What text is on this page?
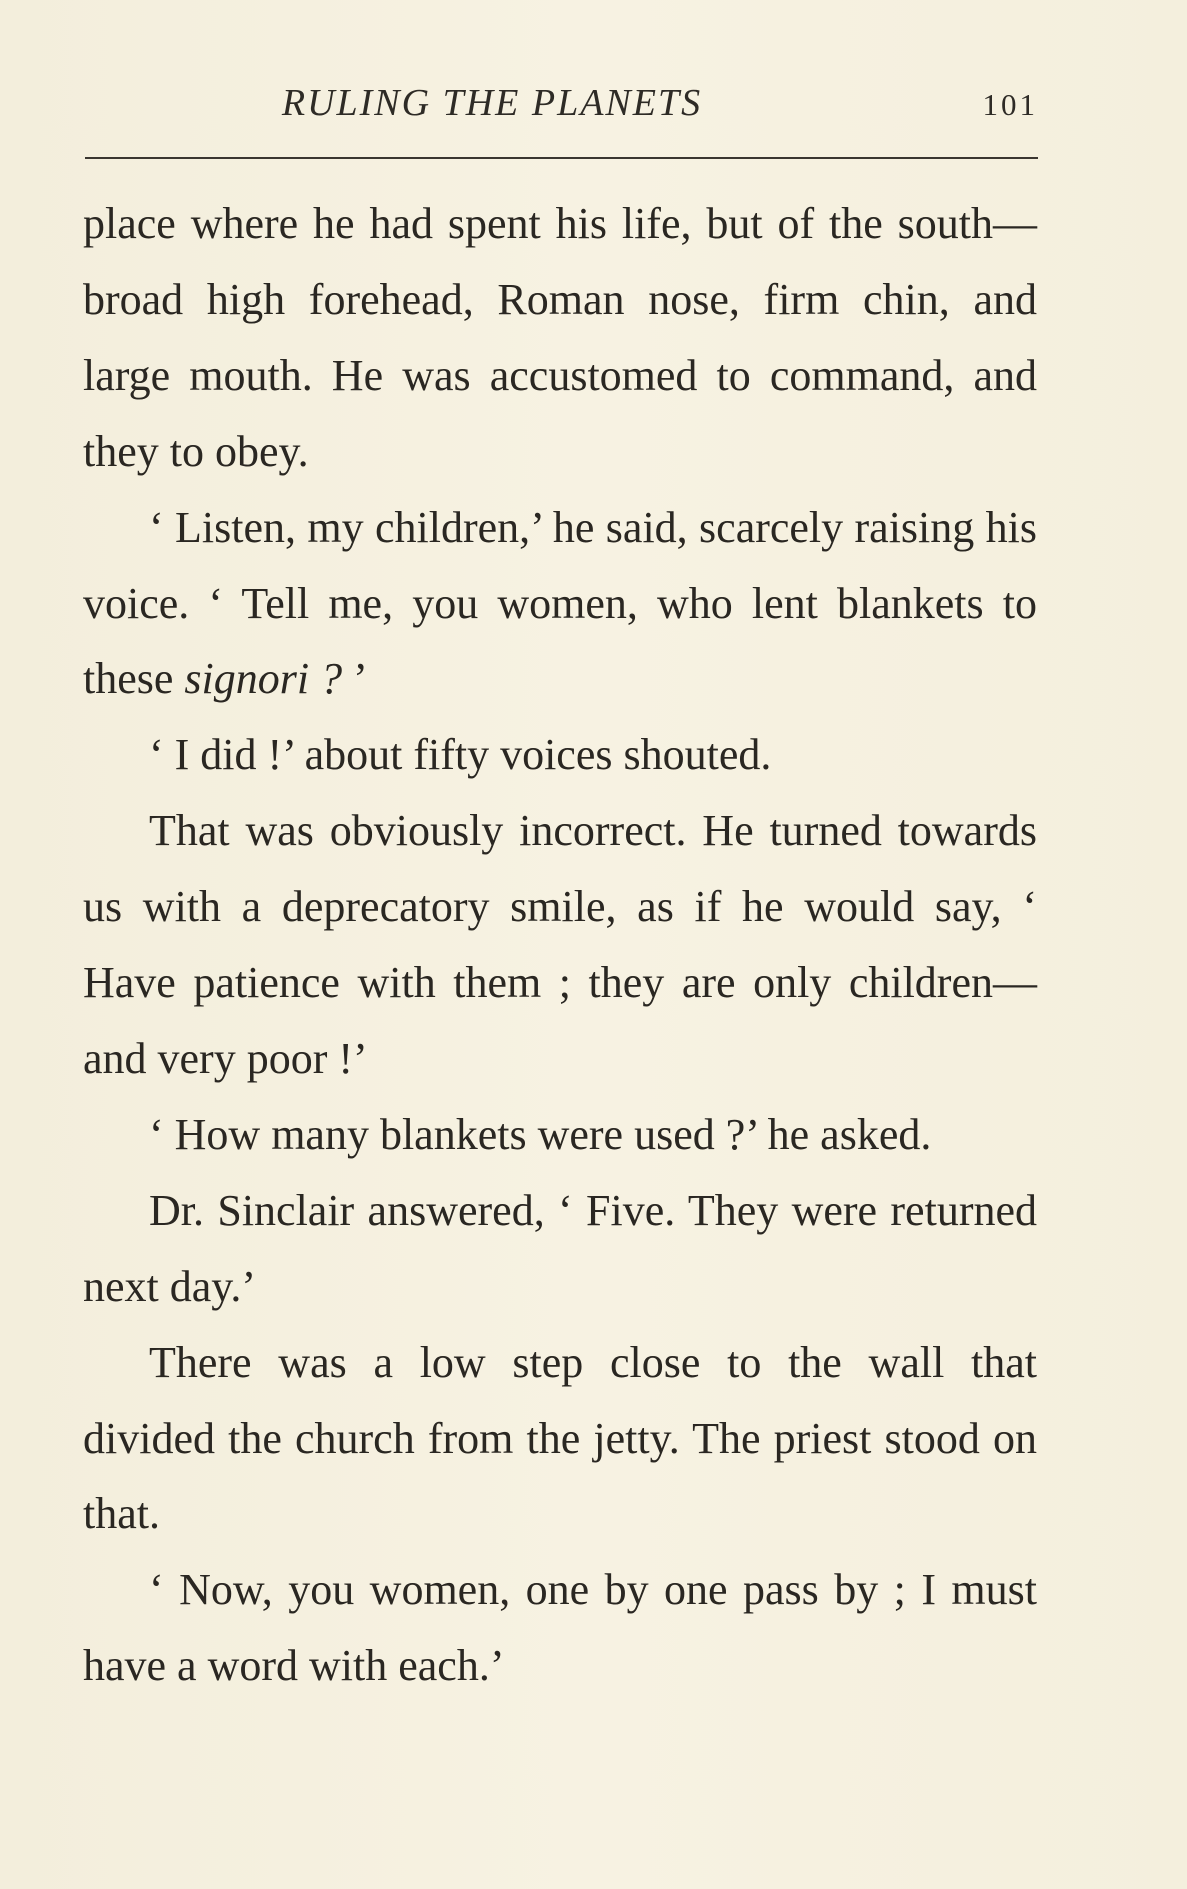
RULING THE PLANETS	101

place where he had spent his life, but of the south—broad high forehead, Roman nose, firm chin, and large mouth. He was accustomed to command, and they to obey.

‘ Listen, my children,’ he said, scarcely raising his voice. ‘ Tell me, you women, who lent blankets to these signori ? ’

‘ I did !’ about fifty voices shouted.

That was obviously incorrect. He turned towards us with a deprecatory smile, as if he would say, ‘ Have patience with them ; they are only children—and very poor !’

‘ How many blankets were used ?’ he asked.

Dr. Sinclair answered, ‘ Five. They were returned next day.’

There was a low step close to the wall that divided the church from the jetty. The priest stood on that.

‘ Now, you women, one by one pass by ; I must have a word with each.’
